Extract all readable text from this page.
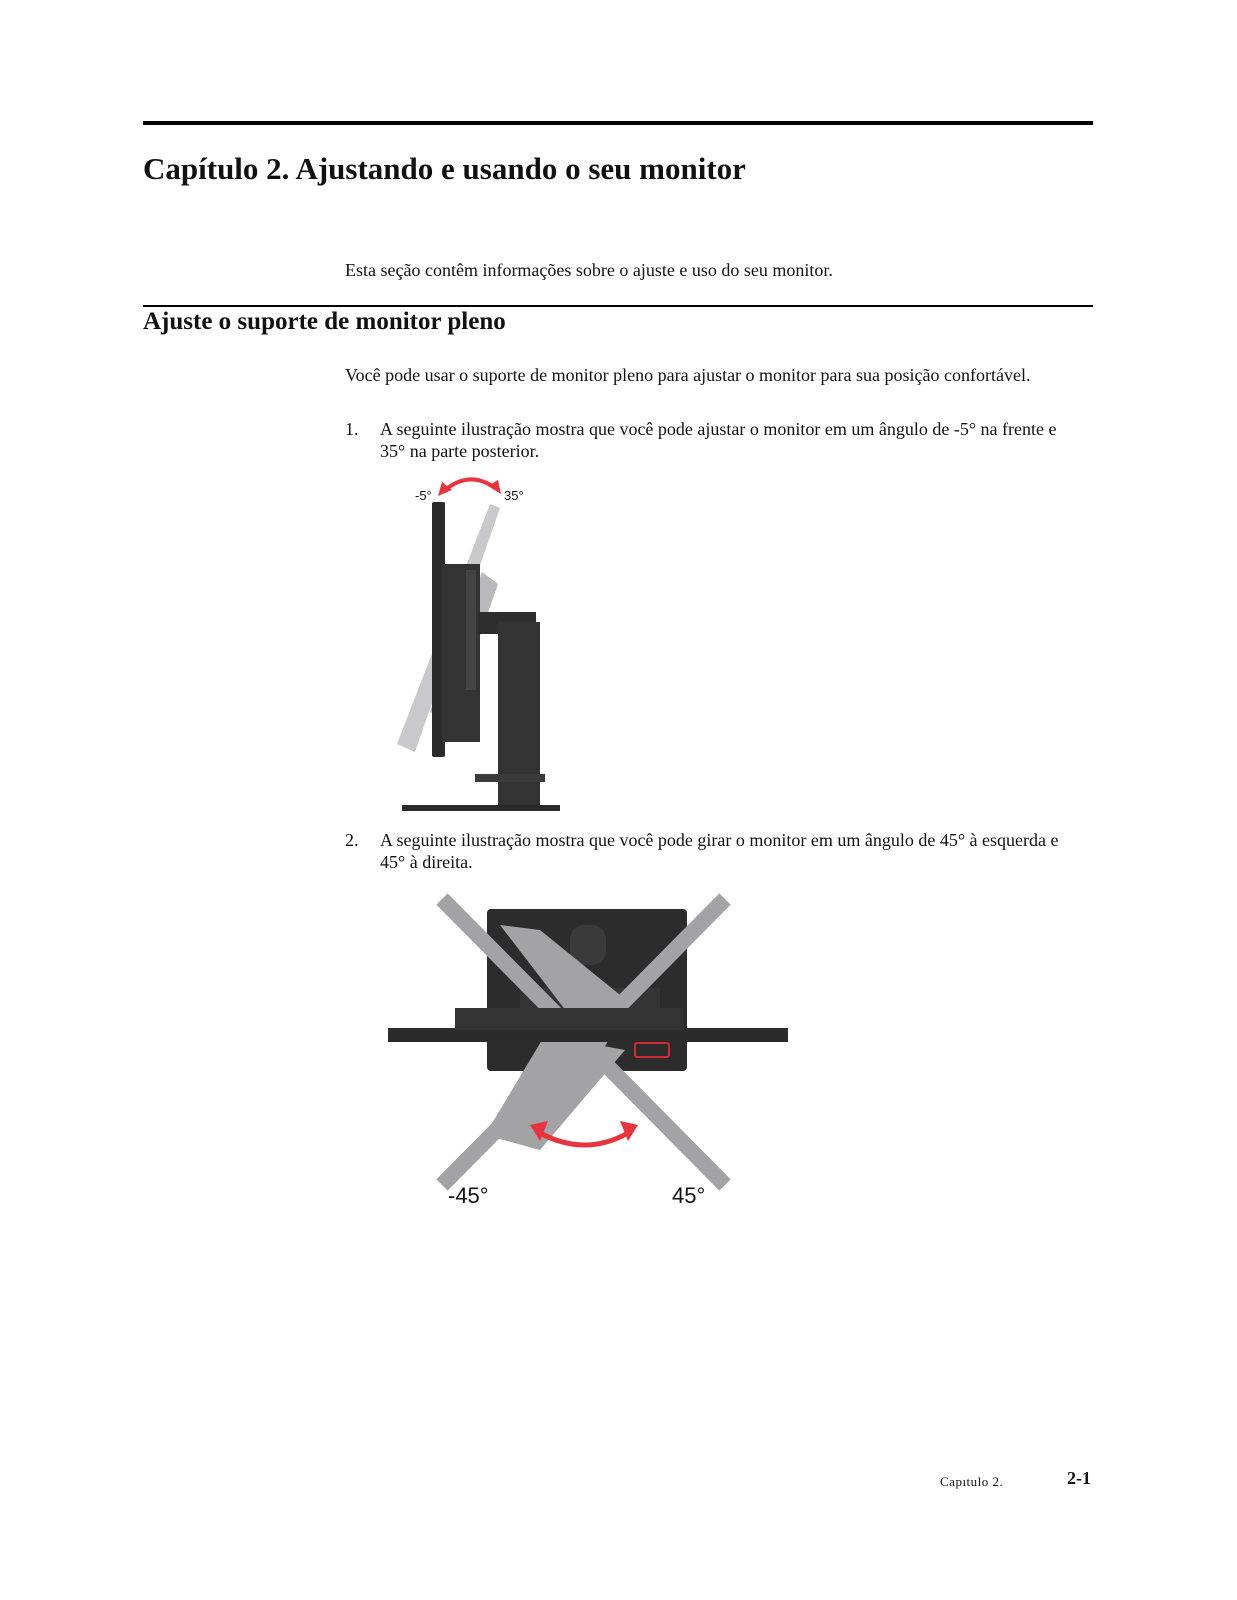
Capítulo 2. Ajustando e usando o seu monitor

Esta seção contêm informações sobre o ajuste e uso do seu monitor.

Ajuste o suporte de monitor pleno

Você pode usar o suporte de monitor pleno para ajustar o monitor para sua posição confortável.

1. A seguinte ilustração mostra que você pode ajustar o monitor em um ângulo de -5° na frente e 35° na parte posterior.
-5°	35°
2. A seguinte ilustração mostra que você pode girar o monitor em um ângulo de 45° à esquerda e 45° à direita.
-45°	45°
Capıtulo 2.	2-1
